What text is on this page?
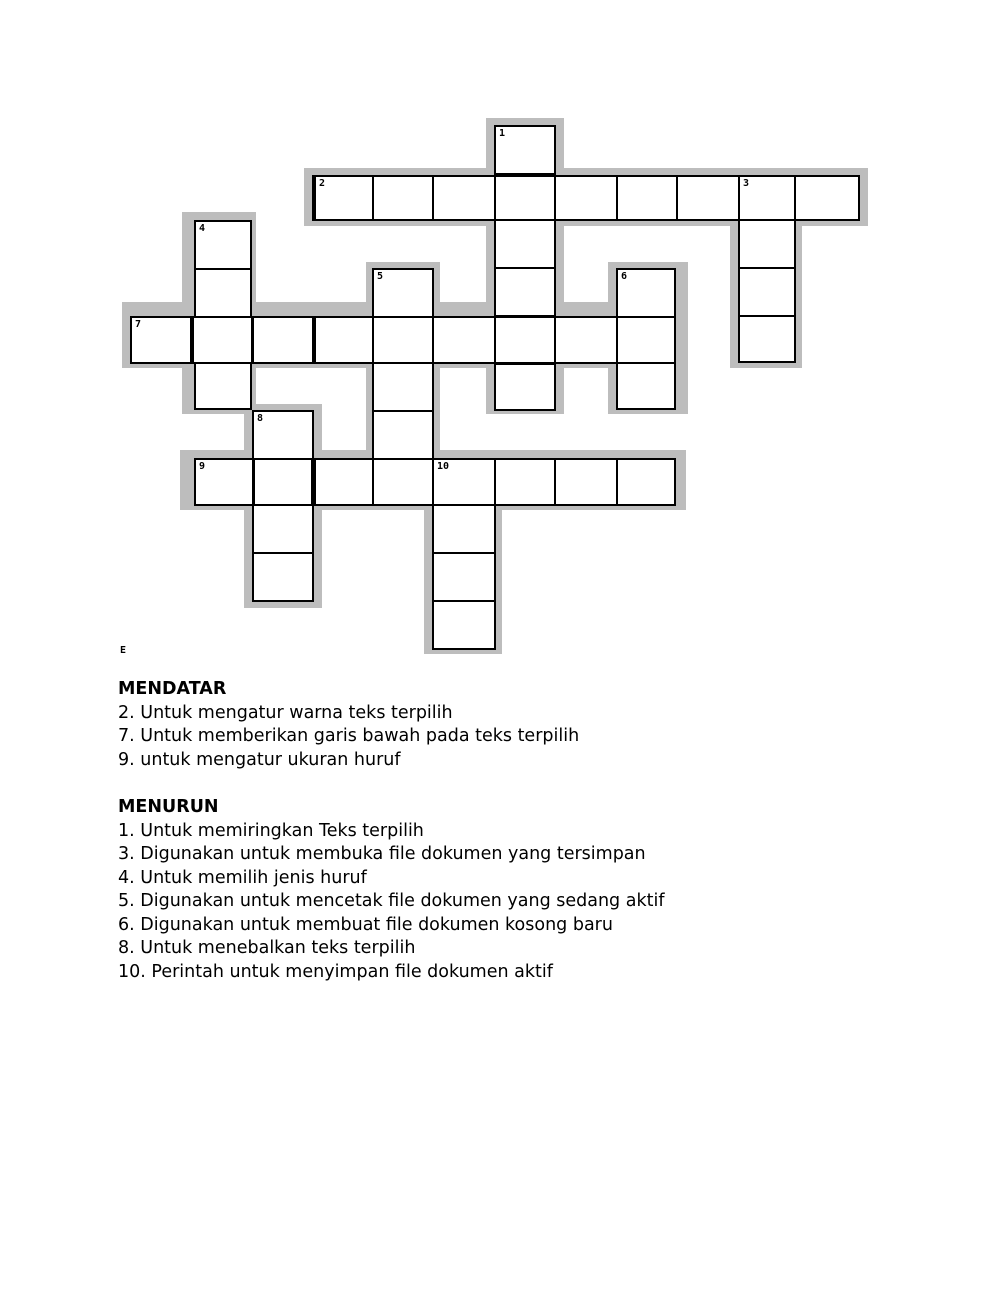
1
2	3
4
5	6
7
8
9	10
E
MENDATAR
2. Untuk mengatur warna teks terpilih
7. Untuk memberikan garis bawah pada teks terpilih
9. untuk mengatur ukuran huruf
MENURUN
1. Untuk memiringkan Teks terpilih
3. Digunakan untuk membuka file dokumen yang tersimpan
4. Untuk memilih jenis huruf
5. Digunakan untuk mencetak file dokumen yang sedang aktif
6. Digunakan untuk membuat file dokumen kosong baru
8. Untuk menebalkan teks terpilih
10. Perintah untuk menyimpan file dokumen aktif
